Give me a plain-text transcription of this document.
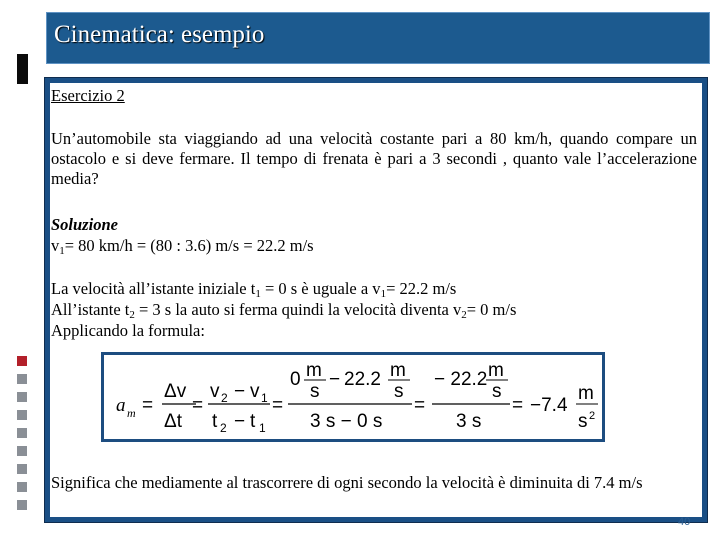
Cinematica: esempio
Esercizio 2
Un’automobile sta viaggiando ad una velocità costante pari a 80 km/h, quando compare un ostacolo e si deve fermare. Il tempo di frenata è pari a 3 secondi , quanto vale l’accelerazione media?
Soluzione
$v_1= 80$ km/h = (80 : 3.6) m/s = 22.2 m/s
La velocità all’istante iniziale $t_1 = 0$ s è uguale a $v_1= 22.2$ m/s
All’istante $t_2 = 3$ s la auto si ferma quindi la velocità diventa $v_2= 0$ m/s
Applicando la formula:
a m =
Δv
Δt
=
v 2 − v 1
t 2 − t 1
=
0 m
s
− 22.2 m
s
3 s − 0 s
=
− 22.2 m
s
3 s
= −7.4
m
s 2
Significa che mediamente al trascorrere di ogni secondo la velocità è diminuita di 7.4 m/s
40
